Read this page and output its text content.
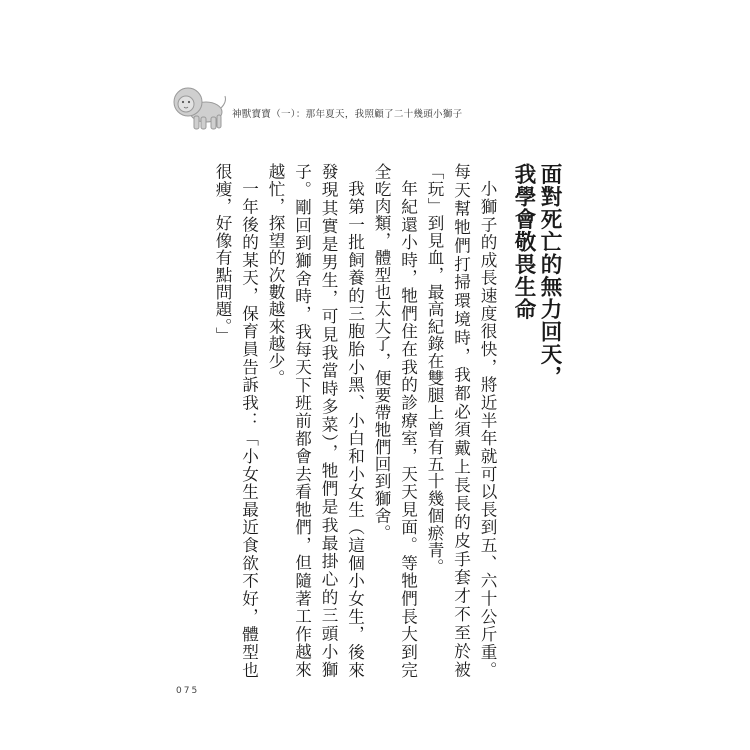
神獸寶寶（一）：那年夏天，我照顧了二十幾頭小獅子
面對死亡的無力回天，
我學會敬畏生命

小獅子的成長速度很快，將近半年就可以長到五、六十公斤重。每天幫牠們打掃環境時，我都必須戴上長長的皮手套才不至於被「玩」到見血，最高紀錄在雙腿上曾有五十幾個瘀青。

年紀還小時，牠們住在我的診療室，天天見面。等牠們長大到完全吃肉類，體型也太大了，便要帶牠們回到獅舍。

我第一批飼養的三胞胎小黑、小白和小女生（這個小女生，後來發現其實是男生，可見我當時多菜），牠們是我最掛心的三頭小獅子。剛回到獅舍時，我每天下班前都會去看牠們，但隨著工作越來越忙，探望的次數越來越少。

一年後的某天，保育員告訴我：「小女生最近食欲不好，體型也很瘦，好像有點問題。」

075
